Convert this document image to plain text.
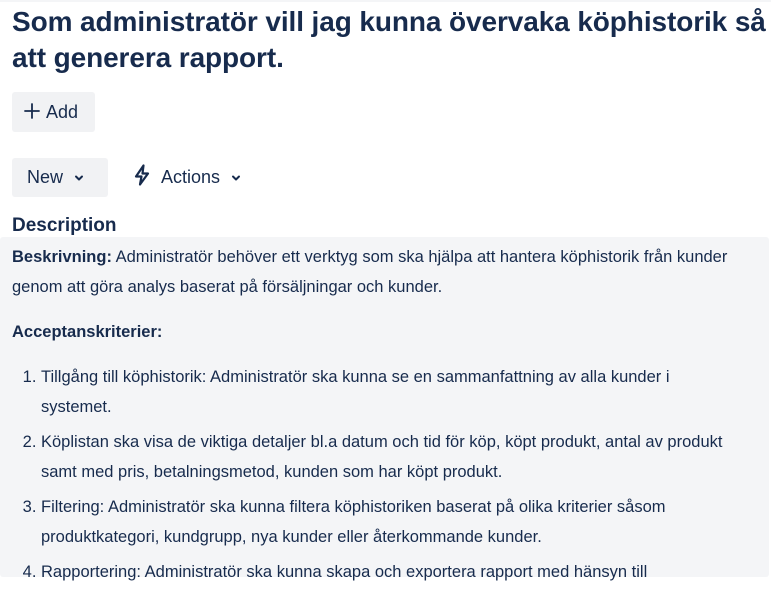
Som administratör vill jag kunna övervaka köphistorik så att generera rapport.
Add
New	Actions
Description

Beskrivning: Administratör behöver ett verktyg som ska hjälpa att hantera köphistorik från kunder genom att göra analys baserat på försäljningar och kunder.

Acceptanskriterier:

1. Tillgång till köphistorik: Administratör ska kunna se en sammanfattning av alla kunder i systemet.
2. Köplistan ska visa de viktiga detaljer bl.a datum och tid för köp, köpt produkt, antal av produkt samt med pris, betalningsmetod, kunden som har köpt produkt.
3. Filtering: Administratör ska kunna filtera köphistoriken baserat på olika kriterier såsom produktkategori, kundgrupp, nya kunder eller återkommande kunder.
4. Rapportering: Administratör ska kunna skapa och exportera rapport med hänsyn till
